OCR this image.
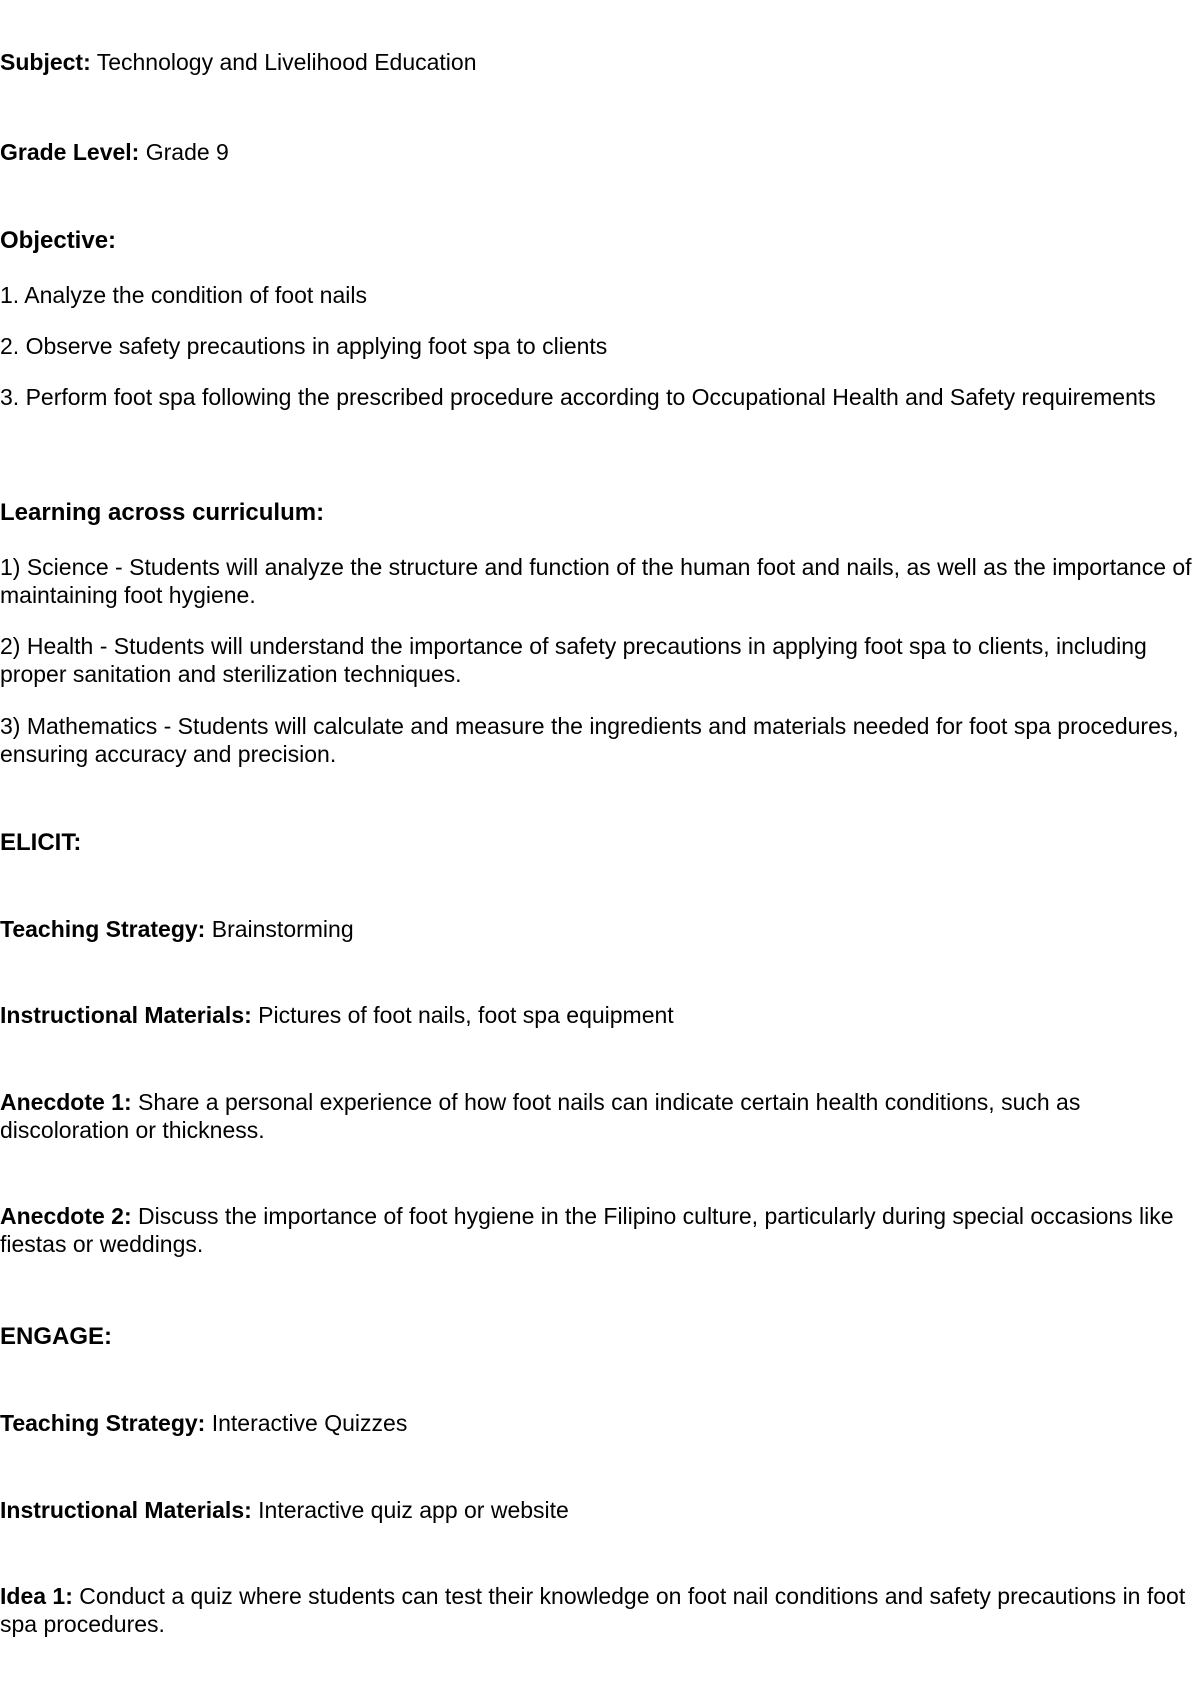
Subject: Technology and Livelihood Education

Grade Level: Grade 9

Objective:

1. Analyze the condition of foot nails

2. Observe safety precautions in applying foot spa to clients

3. Perform foot spa following the prescribed procedure according to Occupational Health and Safety requirements

Learning across curriculum:

1) Science - Students will analyze the structure and function of the human foot and nails, as well as the importance of maintaining foot hygiene.

2) Health - Students will understand the importance of safety precautions in applying foot spa to clients, including proper sanitation and sterilization techniques.

3) Mathematics - Students will calculate and measure the ingredients and materials needed for foot spa procedures, ensuring accuracy and precision.

ELICIT:

Teaching Strategy: Brainstorming

Instructional Materials: Pictures of foot nails, foot spa equipment

Anecdote 1: Share a personal experience of how foot nails can indicate certain health conditions, such as discoloration or thickness.

Anecdote 2: Discuss the importance of foot hygiene in the Filipino culture, particularly during special occasions like fiestas or weddings.

ENGAGE:

Teaching Strategy: Interactive Quizzes

Instructional Materials: Interactive quiz app or website

Idea 1: Conduct a quiz where students can test their knowledge on foot nail conditions and safety precautions in foot spa procedures.
